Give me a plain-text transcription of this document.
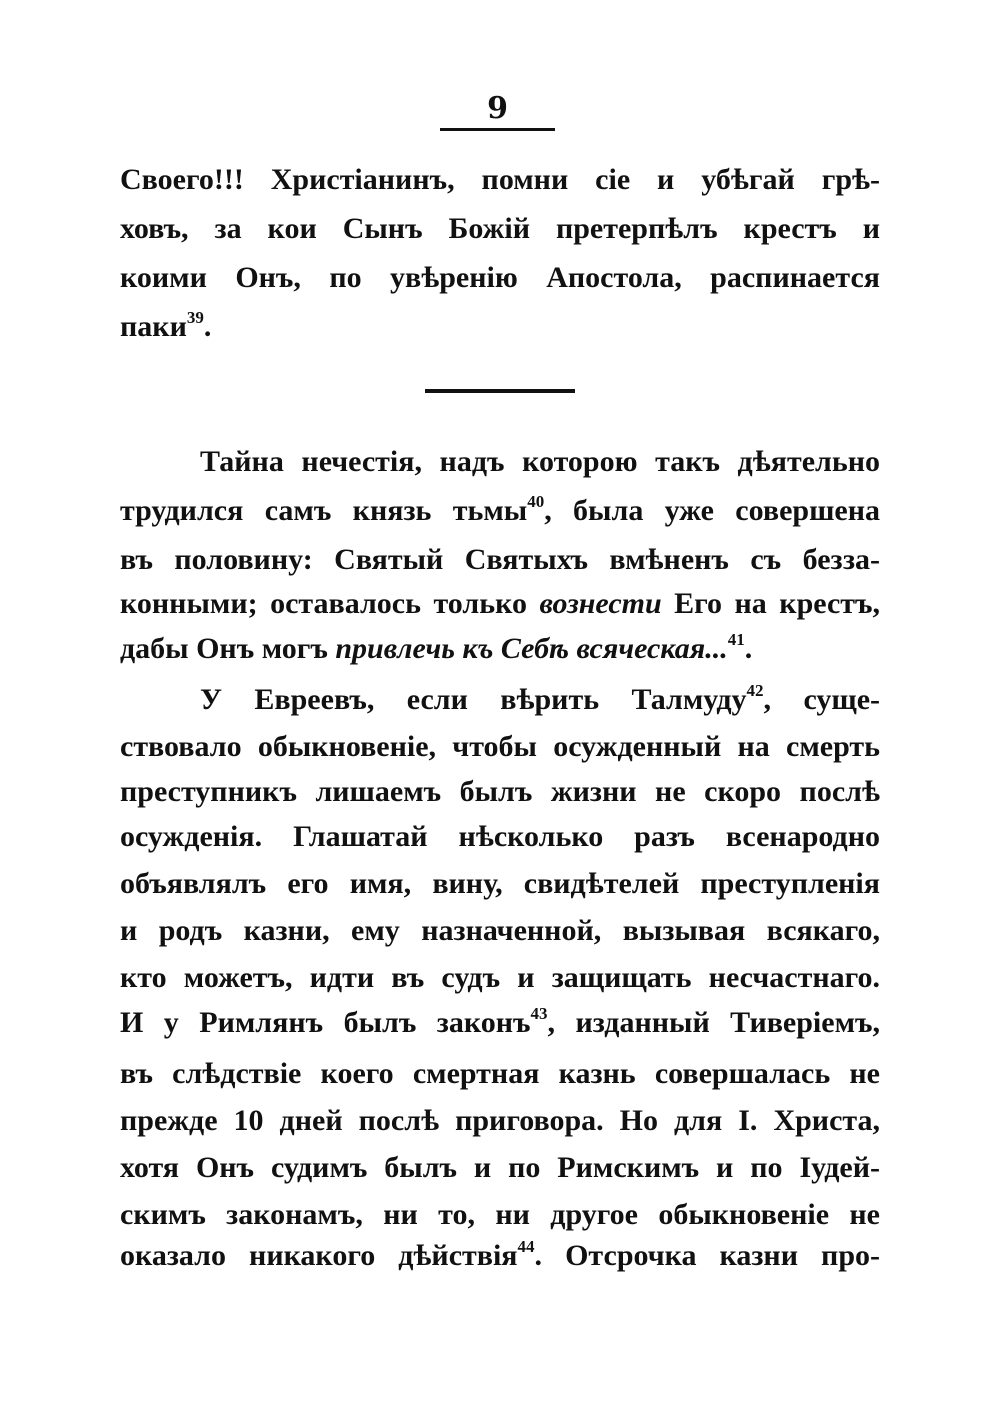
9
Своего!!! Христіанинъ, помни сіе и убѣгай грѣ-
ховъ, за кои Сынъ Божій претерпѣлъ крестъ и
коими Онъ, по увѣренію Апостола, распинается
паки$^{39}$.
Тайна нечестія, надъ которою такъ дѣятельно
трудился самъ князь тьмы$^{40}$, была уже совершена
въ половину: Святый Святыхъ вмѣненъ съ безза-
конными; оставалось только вознести Его на крестъ,
дабы Онъ могъ привлечь къ Себѣ всяческая...$^{41}$.
У Евреевъ, если вѣрить Талмуду$^{42}$, суще-
ствовало обыкновеніе, чтобы осужденный на смерть
преступникъ лишаемъ былъ жизни не скоро послѣ
осужденія. Глашатай нѣсколько разъ всенародно
объявлялъ его имя, вину, свидѣтелей преступленія
и родъ казни, ему назначенной, вызывая всякаго,
кто можетъ, идти въ судъ и защищать несчастнаго.
И у Римлянъ былъ законъ$^{43}$, изданный Тиверіемъ,
въ слѣдствіе коего смертная казнь совершалась не
прежде 10 дней послѣ приговора. Но для І. Христа,
хотя Онъ судимъ былъ и по Римскимъ и по Іудей-
скимъ законамъ, ни то, ни другое обыкновеніе не
оказало никакого дѣйствія$^{44}$. Отсрочка казни про-
